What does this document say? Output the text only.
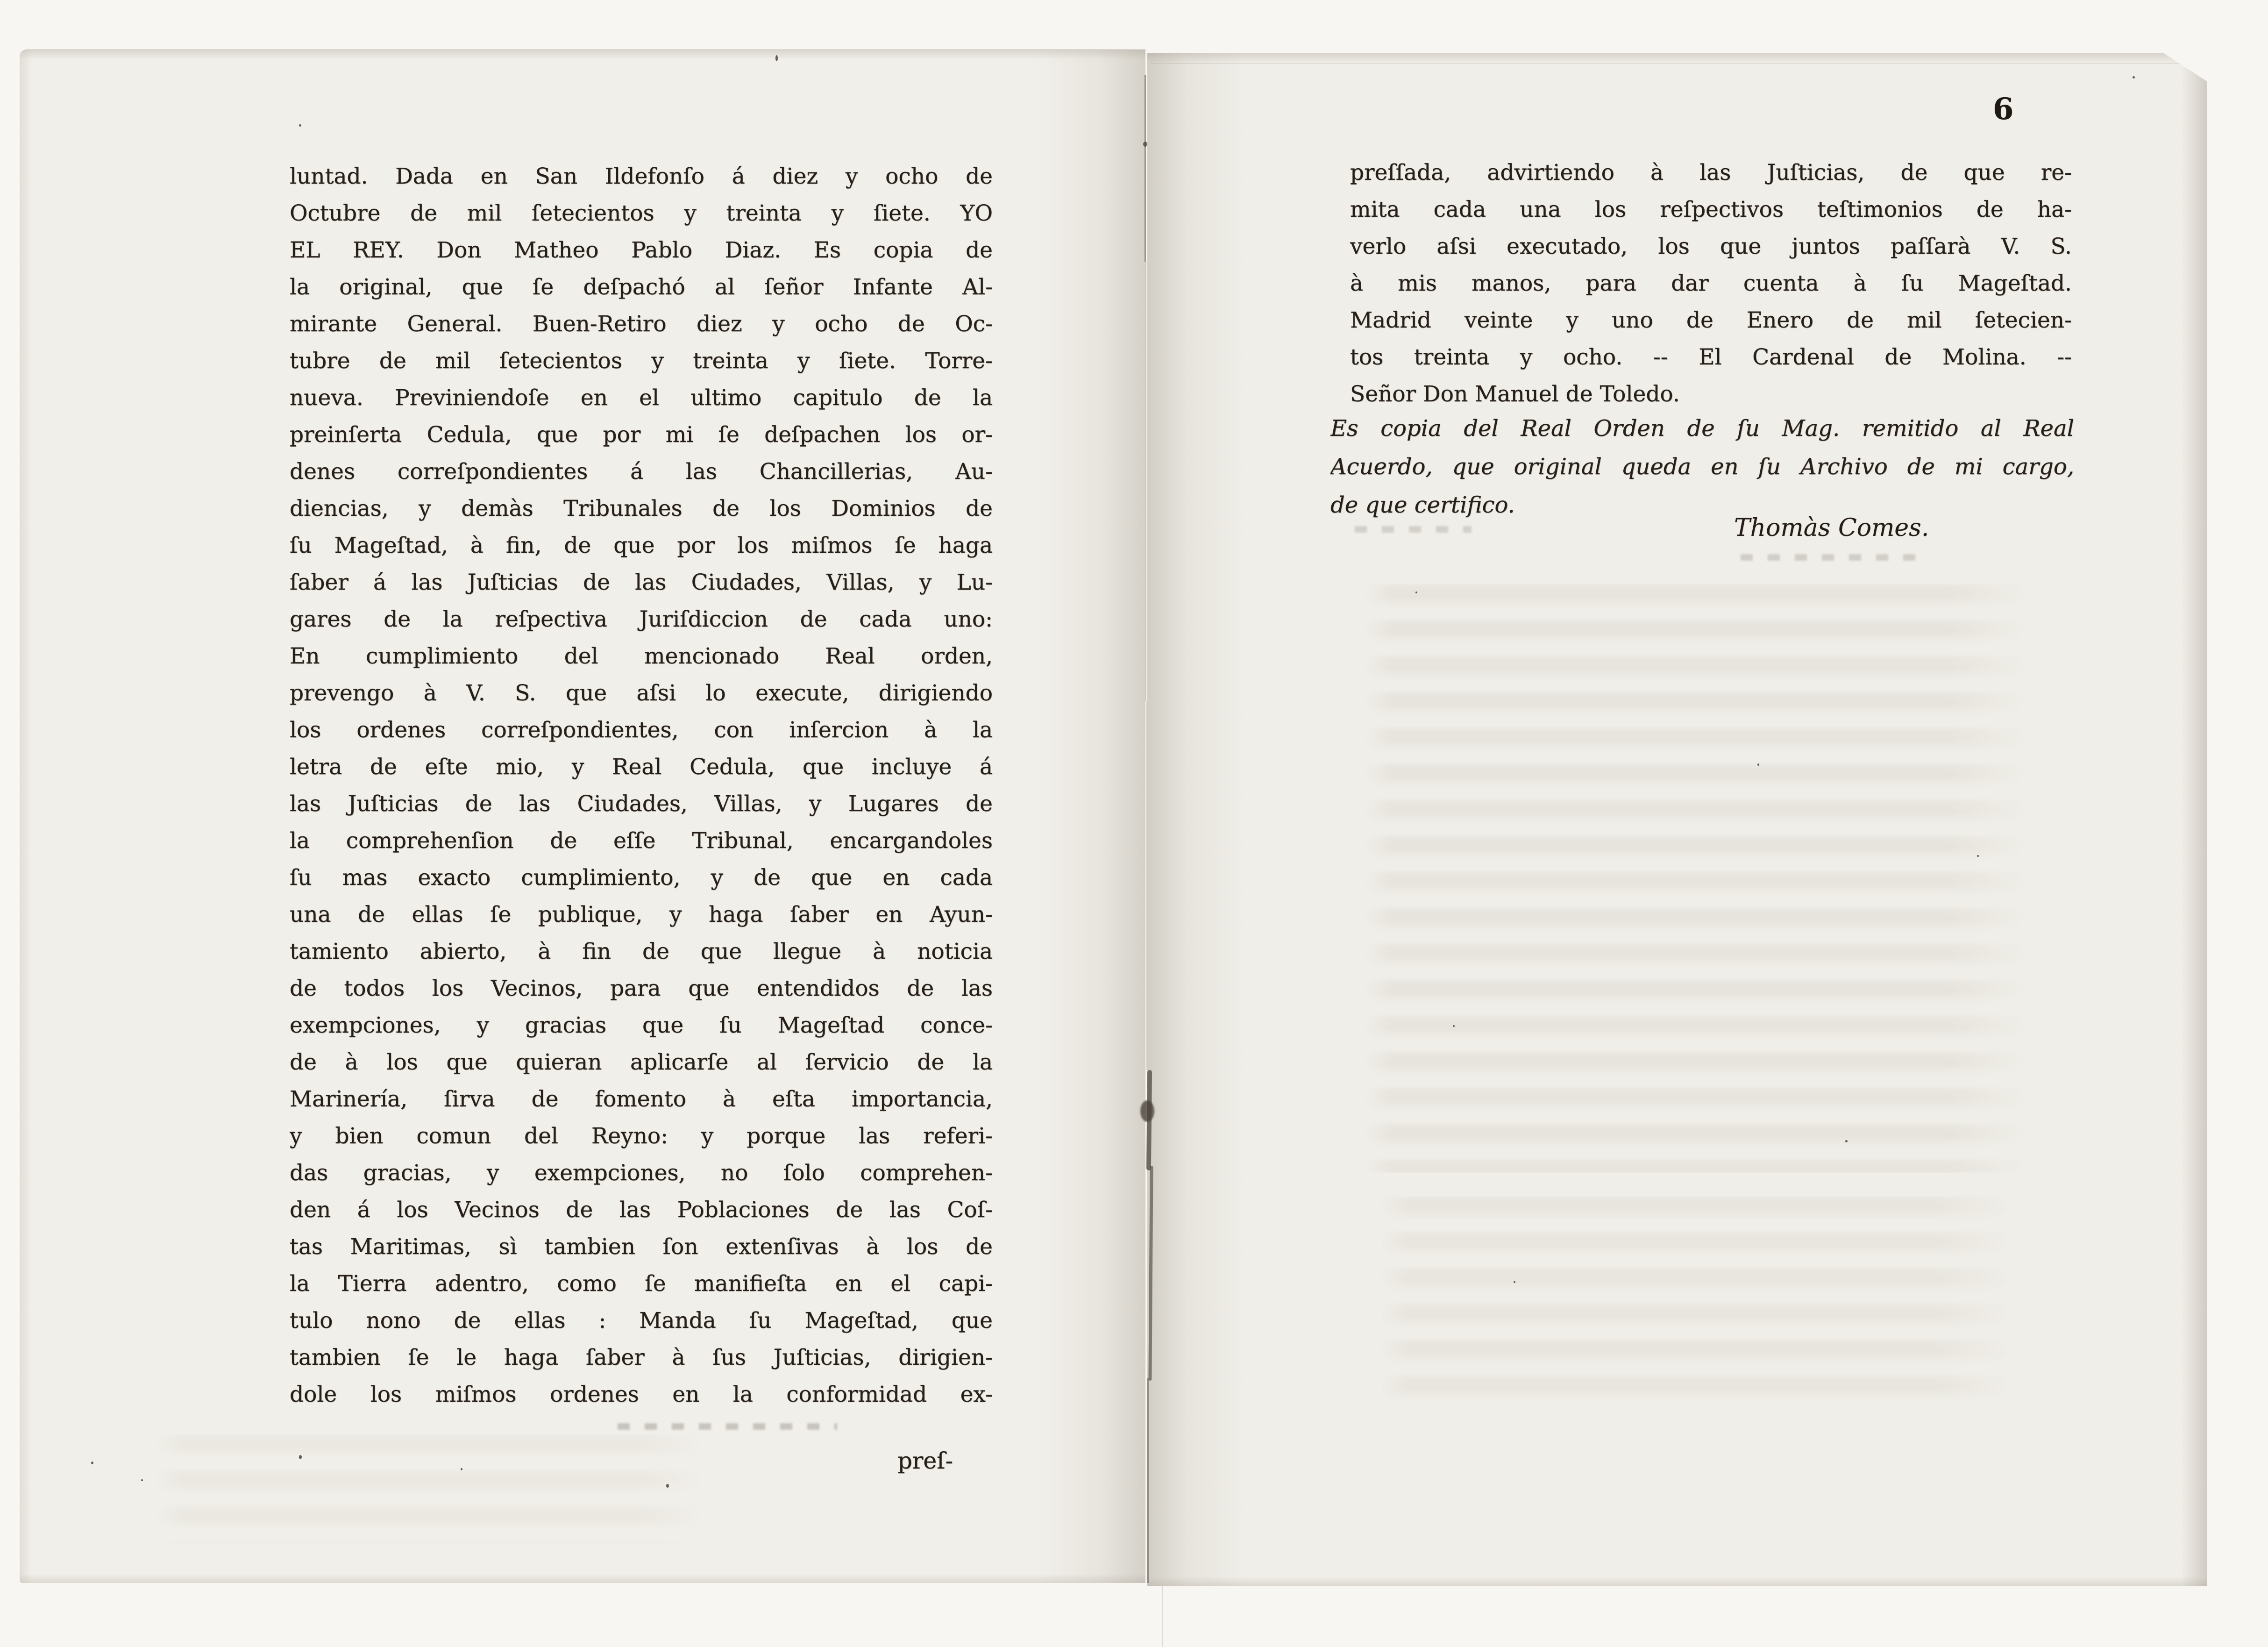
luntad. Dada en San Ildefonſo á diez y ocho de
Octubre de mil ſetecientos y treinta y ſiete. YO
EL REY. Don Matheo Pablo Diaz. Es copia de
la original, que ſe deſpachó al ſeñor Infante Al-
mirante General. Buen-Retiro diez y ocho de Oc-
tubre de mil ſetecientos y treinta y ſiete. Torre-
nueva. Previniendoſe en el ultimo capitulo de la
preinſerta Cedula, que por mi ſe deſpachen los or-
denes correſpondientes á las Chancillerias, Au-
diencias, y demàs Tribunales de los Dominios de
ſu Mageſtad, à fin, de que por los miſmos ſe haga
ſaber á las Juſticias de las Ciudades, Villas, y Lu-
gares de la reſpectiva Juriſdiccion de cada uno:
En cumplimiento del mencionado Real orden,
prevengo à V. S. que aſsi lo execute, dirigiendo
los ordenes correſpondientes, con inſercion à la
letra de eſte mio, y Real Cedula, que incluye á
las Juſticias de las Ciudades, Villas, y Lugares de
la comprehenſion de eſſe Tribunal, encargandoles
ſu mas exacto cumplimiento, y de que en cada
una de ellas ſe publique, y haga ſaber en Ayun-
tamiento abierto, à fin de que llegue à noticia
de todos los Vecinos, para que entendidos de las
exempciones, y gracias que ſu Mageſtad conce-
de à los que quieran aplicarſe al ſervicio de la
Marinería, ſirva de fomento à eſta importancia,
y bien comun del Reyno: y porque las referi-
das gracias, y exempciones, no ſolo comprehen-
den á los Vecinos de las Poblaciones de las Coſ-
tas Maritimas, sì tambien ſon extenſivas à los de
la Tierra adentro, como ſe manifieſta en el capi-
tulo nono de ellas : Manda ſu Mageſtad, que
tambien ſe le haga ſaber à ſus Juſticias, dirigien-
dole los miſmos ordenes en la conformidad ex-
preſ-
6
preſſada, advirtiendo à las Juſticias, de que re-
mita cada una los reſpectivos teſtimonios de ha-
verlo aſsi executado, los que juntos paſſarà V. S.
à mis manos, para dar cuenta à ſu Mageſtad.
Madrid veinte y uno de Enero de mil ſetecien-
tos treinta y ocho. -- El Cardenal de Molina. --
Señor Don Manuel de Toledo.
Es copia del Real Orden de ſu Mag. remitido al Real
Acuerdo, que original queda en ſu Archivo de mi cargo,
de que certifico.
Thomàs Comes.
